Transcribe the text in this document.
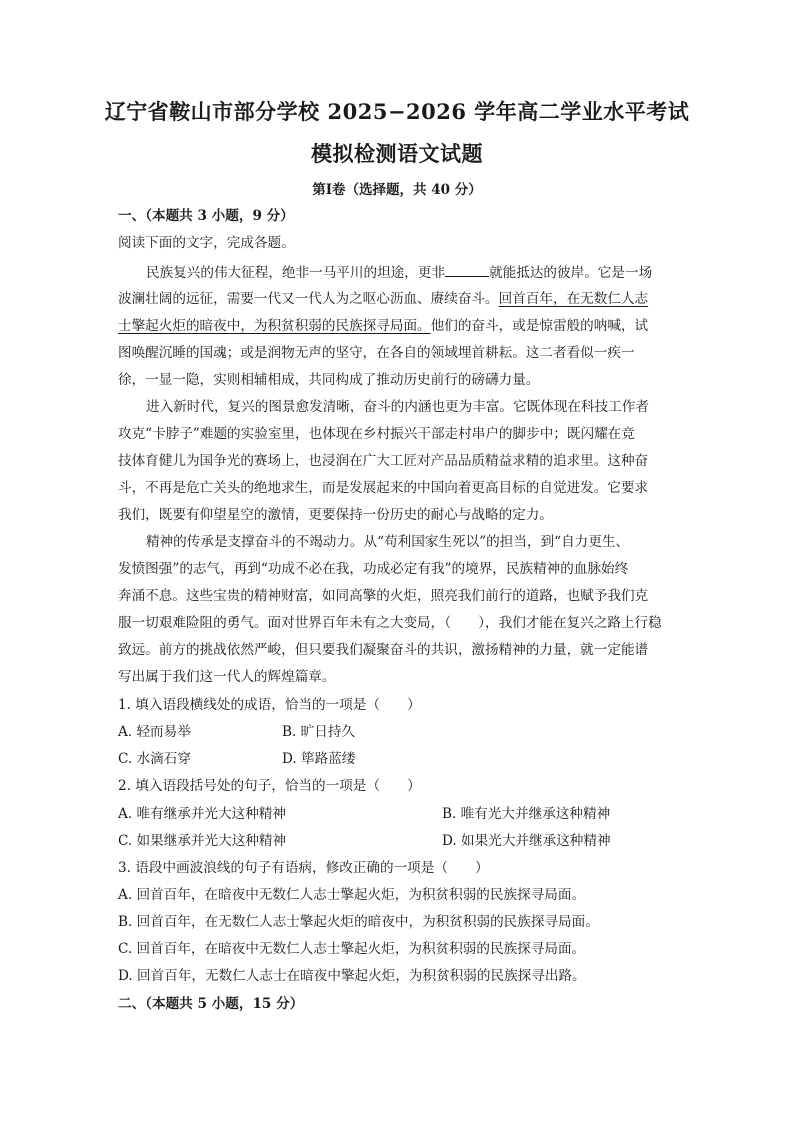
辽宁省鞍山市部分学校 2025−2026 学年高二学业水平考试
模拟检测语文试题
第Ⅰ卷（选择题，共 40 分）
一、（本题共 3 小题，9 分）
阅读下面的文字，完成各题。
民族复兴的伟大征程，绝非一马平川的坦途，更非	就能抵达的彼岸。它是一场
波澜壮阔的远征，需要一代又一代人为之呕心沥血、赓续奋斗。回首百年，在无数仁人志
士擎起火炬的暗夜中，为积贫积弱的民族探寻局面。他们的奋斗，或是惊雷般的呐喊，试
图唤醒沉睡的国魂；或是润物无声的坚守，在各自的领域埋首耕耘。这二者看似一疾一
徐，一显一隐，实则相辅相成，共同构成了推动历史前行的磅礴力量。
进入新时代，复兴的图景愈发清晰，奋斗的内涵也更为丰富。它既体现在科技工作者
攻克“卡脖子”难题的实验室里，也体现在乡村振兴干部走村串户的脚步中；既闪耀在竞
技体育健儿为国争光的赛场上，也浸润在广大工匠对产品品质精益求精的追求里。这种奋
斗，不再是危亡关头的绝地求生，而是发展起来的中国向着更高目标的自觉进发。它要求
我们，既要有仰望星空的激情，更要保持一份历史的耐心与战略的定力。
精神的传承是支撑奋斗的不竭动力。从“苟利国家生死以”的担当，到“自力更生、
发愤图强”的志气，再到“功成不必在我，功成必定有我”的境界，民族精神的血脉始终
奔涌不息。这些宝贵的精神财富，如同高擎的火炬，照亮我们前行的道路，也赋予我们克
服一切艰难险阻的勇气。面对世界百年未有之大变局，（　　），我们才能在复兴之路上行稳
致远。前方的挑战依然严峻，但只要我们凝聚奋斗的共识，激扬精神的力量，就一定能谱
写出属于我们这一代人的辉煌篇章。
1. 填入语段横线处的成语，恰当的一项是（　　）
A. 轻而易举	B. 旷日持久
C. 水滴石穿	D. 筚路蓝缕
2. 填入语段括号处的句子，恰当的一项是（　　）
A. 唯有继承并光大这种精神	B. 唯有光大并继承这种精神
C. 如果继承并光大这种精神	D. 如果光大并继承这种精神
3. 语段中画波浪线的句子有语病，修改正确的一项是（　　）
A. 回首百年，在暗夜中无数仁人志士擎起火炬，为积贫积弱的民族探寻局面。
B. 回首百年，在无数仁人志士擎起火炬的暗夜中，为积贫积弱的民族探寻局面。
C. 回首百年，在暗夜中无数仁人志士擎起火炬，为积贫积弱的民族探寻局面。
D. 回首百年，无数仁人志士在暗夜中擎起火炬，为积贫积弱的民族探寻出路。
二、（本题共 5 小题，15 分）
